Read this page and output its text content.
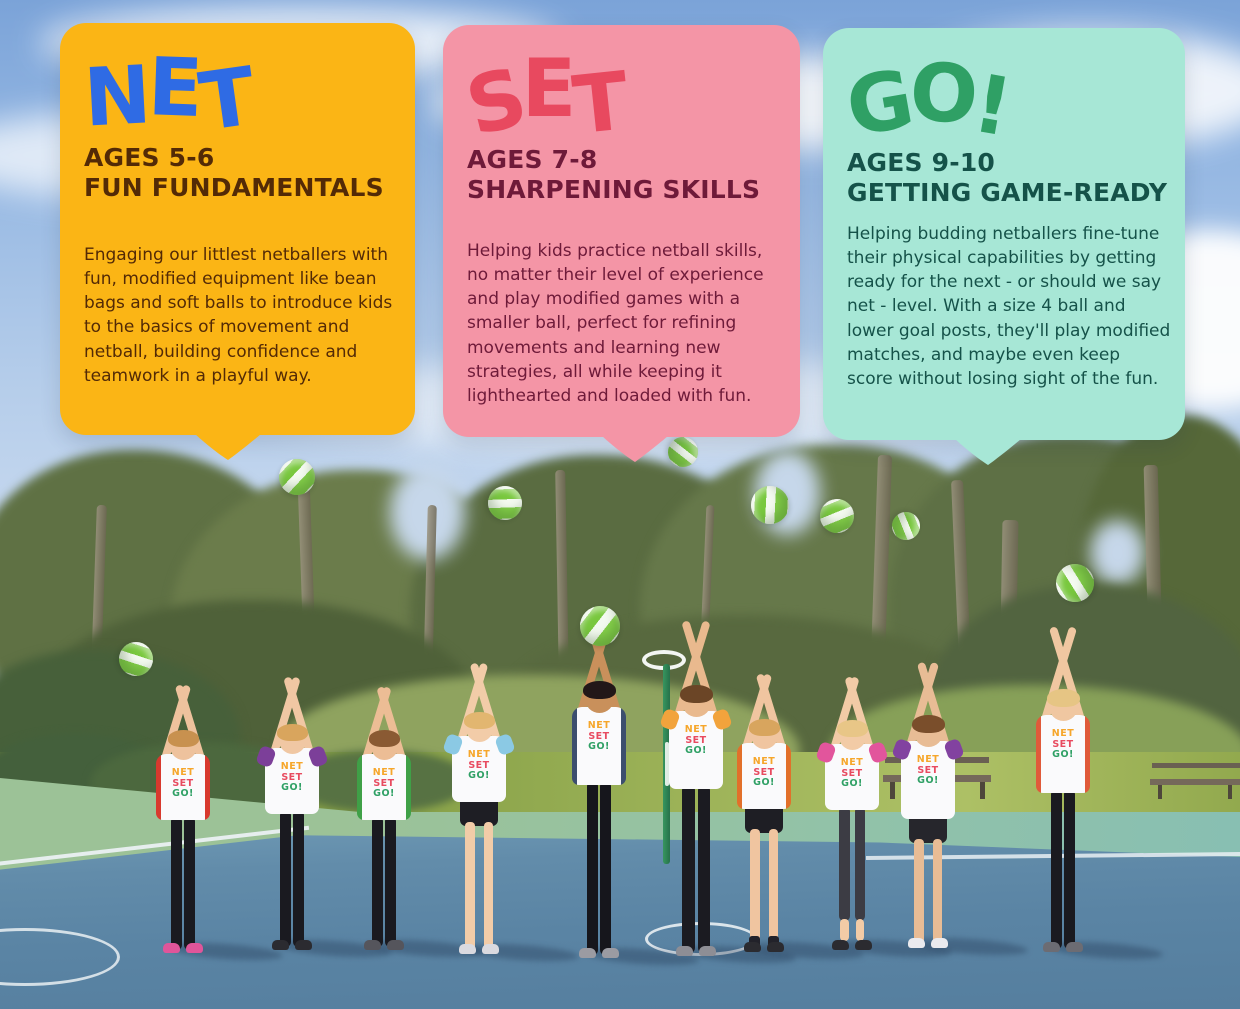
NET
SET
GO!
NET
SET
GO!
NET
SET
GO!
NET
SET
GO!
NET
SET
GO!
NET
SET
GO!
NET
SET
GO!
NET
SET
GO!
NET
SET
GO!
NET
SET
GO!
NET
AGES 5-6
FUN FUNDAMENTALS

Engaging our littlest netballers with fun, modified equipment like bean bags and soft balls to introduce kids to the basics of movement and netball, building confidence and teamwork in a playful way.

SET
AGES 7-8
SHARPENING SKILLS

Helping kids practice netball skills, no matter their level of experience and play modified games with a smaller ball, perfect for refining movements and learning new strategies, all while keeping it lighthearted and loaded with fun.

GO!
AGES 9-10
GETTING GAME-READY

Helping budding netballers fine-tune their physical capabilities by getting ready for the next - or should we say net - level. With a size 4 ball and lower goal posts, they'll play modified matches, and maybe even keep score without losing sight of the fun.
